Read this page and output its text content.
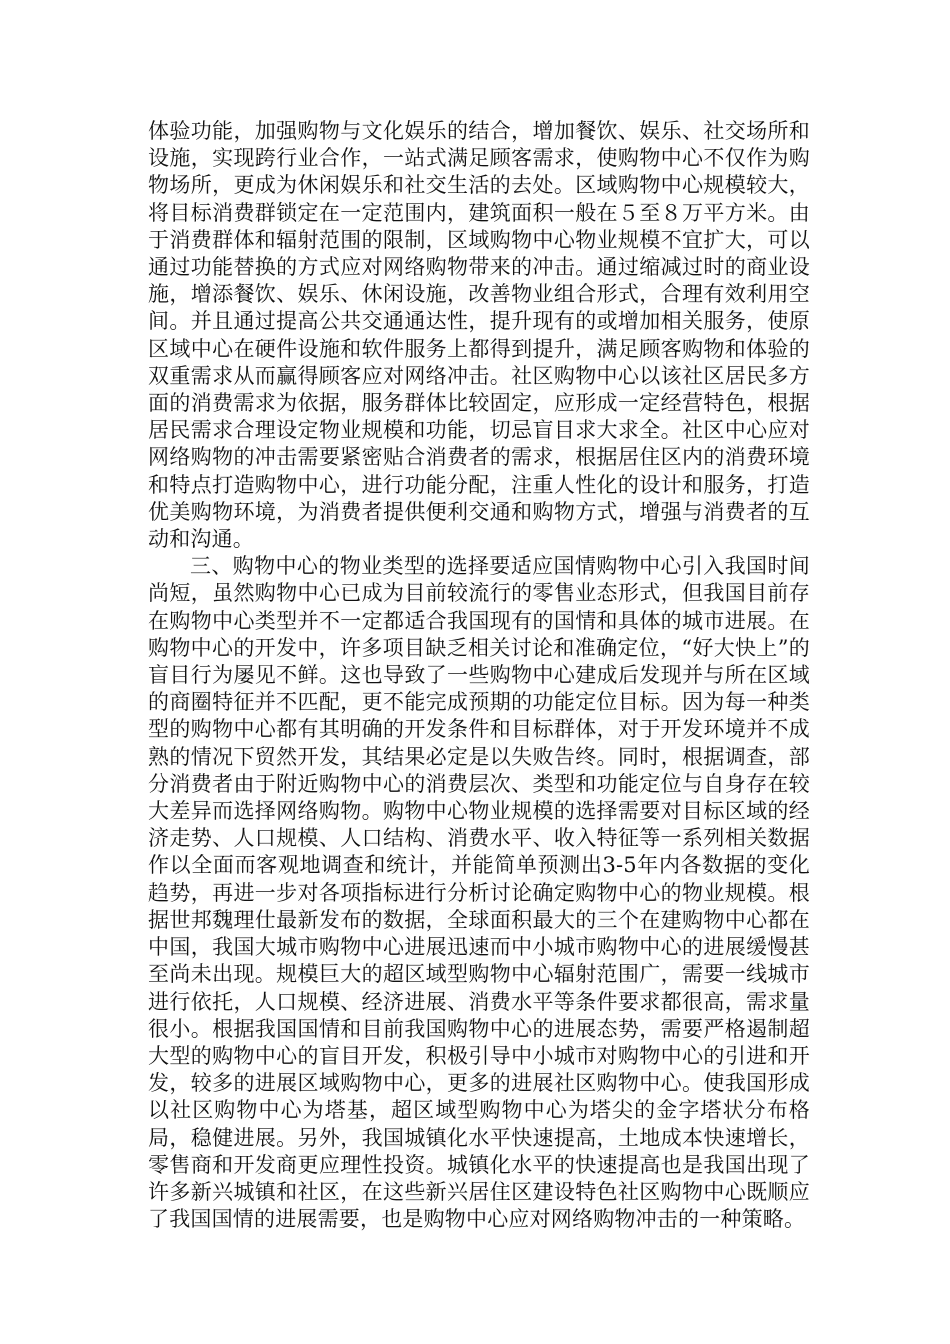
体验功能，加强购物与文化娱乐的结合，增加餐饮、娱乐、社交场所和设施，实现跨行业合作，一站式满足顾客需求，使购物中心不仅作为购物场所，更成为休闲娱乐和社交生活的去处。区域购物中心规模较大，将目标消费群锁定在一定范围内，建筑面积一般在５至８万平方米。由于消费群体和辐射范围的限制，区域购物中心物业规模不宜扩大，可以通过功能替换的方式应对网络购物带来的冲击。通过缩减过时的商业设施，增添餐饮、娱乐、休闲设施，改善物业组合形式，合理有效利用空间。并且通过提高公共交通通达性，提升现有的或增加相关服务，使原区域中心在硬件设施和软件服务上都得到提升，满足顾客购物和体验的双重需求从而赢得顾客应对网络冲击。社区购物中心以该社区居民多方面的消费需求为依据，服务群体比较固定，应形成一定经营特色，根据居民需求合理设定物业规模和功能，切忌盲目求大求全。社区中心应对网络购物的冲击需要紧密贴合消费者的需求，根据居住区内的消费环境和特点打造购物中心，进行功能分配，注重人性化的设计和服务，打造优美购物环境，为消费者提供便利交通和购物方式，增强与消费者的互动和沟通。

三、购物中心的物业类型的选择要适应国情购物中心引入我国时间尚短，虽然购物中心已成为目前较流行的零售业态形式，但我国目前存在购物中心类型并不一定都适合我国现有的国情和具体的城市进展。在购物中心的开发中，许多项目缺乏相关讨论和准确定位，“好大快上”的盲目行为屡见不鲜。这也导致了一些购物中心建成后发现并与所在区域的商圈特征并不匹配，更不能完成预期的功能定位目标。因为每一种类型的购物中心都有其明确的开发条件和目标群体，对于开发环境并不成熟的情况下贸然开发，其结果必定是以失败告终。同时，根据调查，部分消费者由于附近购物中心的消费层次、类型和功能定位与自身存在较大差异而选择网络购物。购物中心物业规模的选择需要对目标区域的经济走势、人口规模、人口结构、消费水平、收入特征等一系列相关数据作以全面而客观地调查和统计，并能简单预测出3-5年内各数据的变化趋势，再进一步对各项指标进行分析讨论确定购物中心的物业规模。根据世邦魏理仕最新发布的数据，全球面积最大的三个在建购物中心都在中国，我国大城市购物中心进展迅速而中小城市购物中心的进展缓慢甚至尚未出现。规模巨大的超区域型购物中心辐射范围广，需要一线城市进行依托，人口规模、经济进展、消费水平等条件要求都很高，需求量很小。根据我国国情和目前我国购物中心的进展态势，需要严格遏制超大型的购物中心的盲目开发，积极引导中小城市对购物中心的引进和开发，较多的进展区域购物中心，更多的进展社区购物中心。使我国形成以社区购物中心为塔基，超区域型购物中心为塔尖的金字塔状分布格局，稳健进展。另外，我国城镇化水平快速提高，土地成本快速增长，零售商和开发商更应理性投资。城镇化水平的快速提高也是我国出现了许多新兴城镇和社区，在这些新兴居住区建设特色社区购物中心既顺应了我国国情的进展需要，也是购物中心应对网络购物冲击的一种策略。
